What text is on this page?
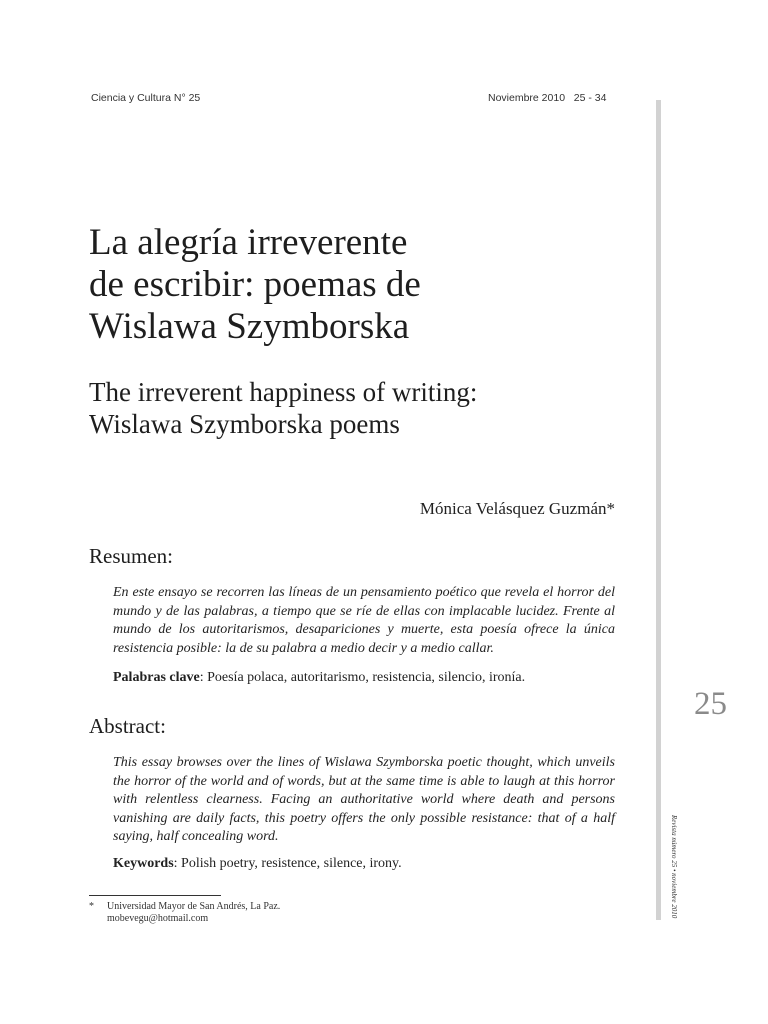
Ciencia y Cultura N° 25	Noviembre 2010   25 - 34
25
Revista número 25 • noviembre 2010
La alegría irreverente
de escribir: poemas de
Wislawa Szymborska
The irreverent happiness of writing:
Wislawa Szymborska poems
Mónica Velásquez Guzmán*
Resumen:
En este ensayo se recorren las líneas de un pensamiento poético que revela el horror del mundo y de las palabras, a tiempo que se ríe de ellas con implacable lucidez. Frente al mundo de los autoritarismos, desapariciones y muerte, esta poesía ofrece la única resistencia posible: la de su palabra a medio decir y a medio callar.
Palabras clave: Poesía polaca, autoritarismo, resistencia, silencio, ironía.
Abstract:
This essay browses over the lines of Wislawa Szymborska poetic thought, which unveils the horror of the world and of words, but at the same time is able to laugh at this horror with relentless clearness. Facing an authoritative world where death and persons vanishing are daily facts, this poetry offers the only possible resistance: that of a half saying, half concealing word.
Keywords: Polish poetry, resistence, silence, irony.
* Universidad Mayor de San Andrés, La Paz.
mobevegu@hotmail.com
